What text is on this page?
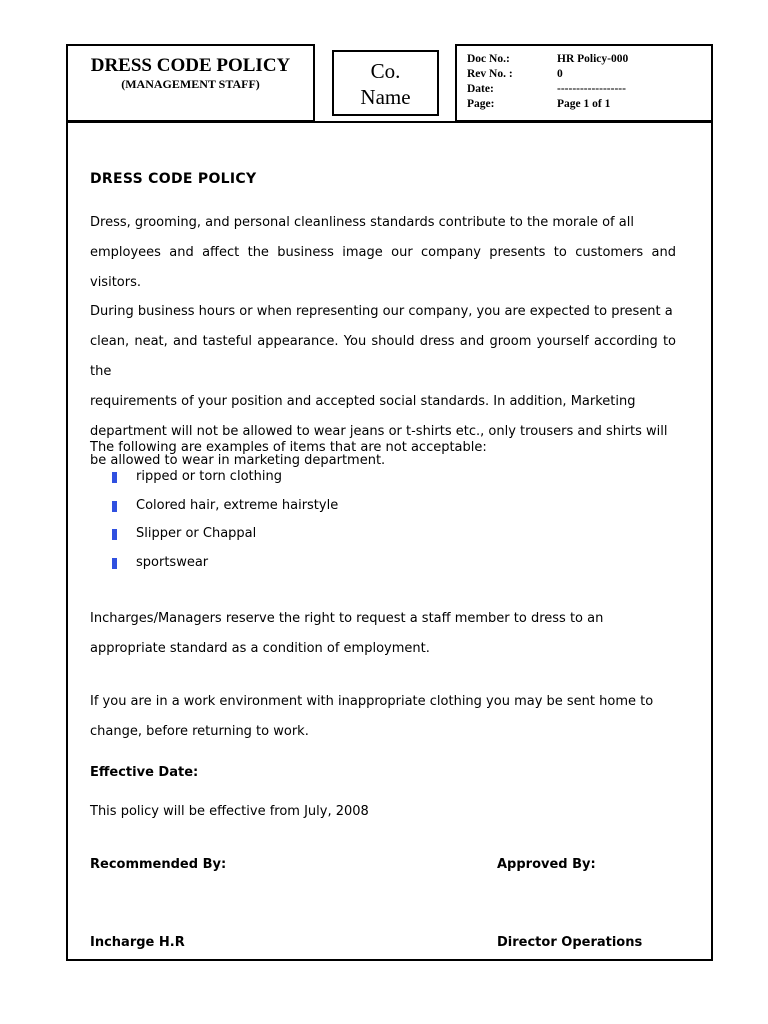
DRESS CODE POLICY
(MANAGEMENT STAFF)
Co.
Name
Doc No.:	HR Policy-000
Rev No. :	0
Date:	------------------
Page:	Page 1 of 1
DRESS CODE POLICY
Dress, grooming, and personal cleanliness standards contribute to the morale of all
employees and affect the business image our company presents to customers and visitors.
During business hours or when representing our company, you are expected to present a
clean, neat, and tasteful appearance. You should dress and groom yourself according to the
requirements of your position and accepted social standards. In addition, Marketing
department will not be allowed to wear jeans or t-shirts etc., only trousers and shirts will
be allowed to wear in marketing department.
The following are examples of items that are not acceptable:
ripped or torn clothing
Colored hair, extreme hairstyle
Slipper or Chappal
sportswear
Incharges/Managers reserve the right to request a staff member to dress to an
appropriate standard as a condition of employment.
If you are in a work environment with inappropriate clothing you may be sent home to
change, before returning to work.
Effective Date:
This policy will be effective from July, 2008
Recommended By:	Approved By:
Incharge H.R	Director Operations
